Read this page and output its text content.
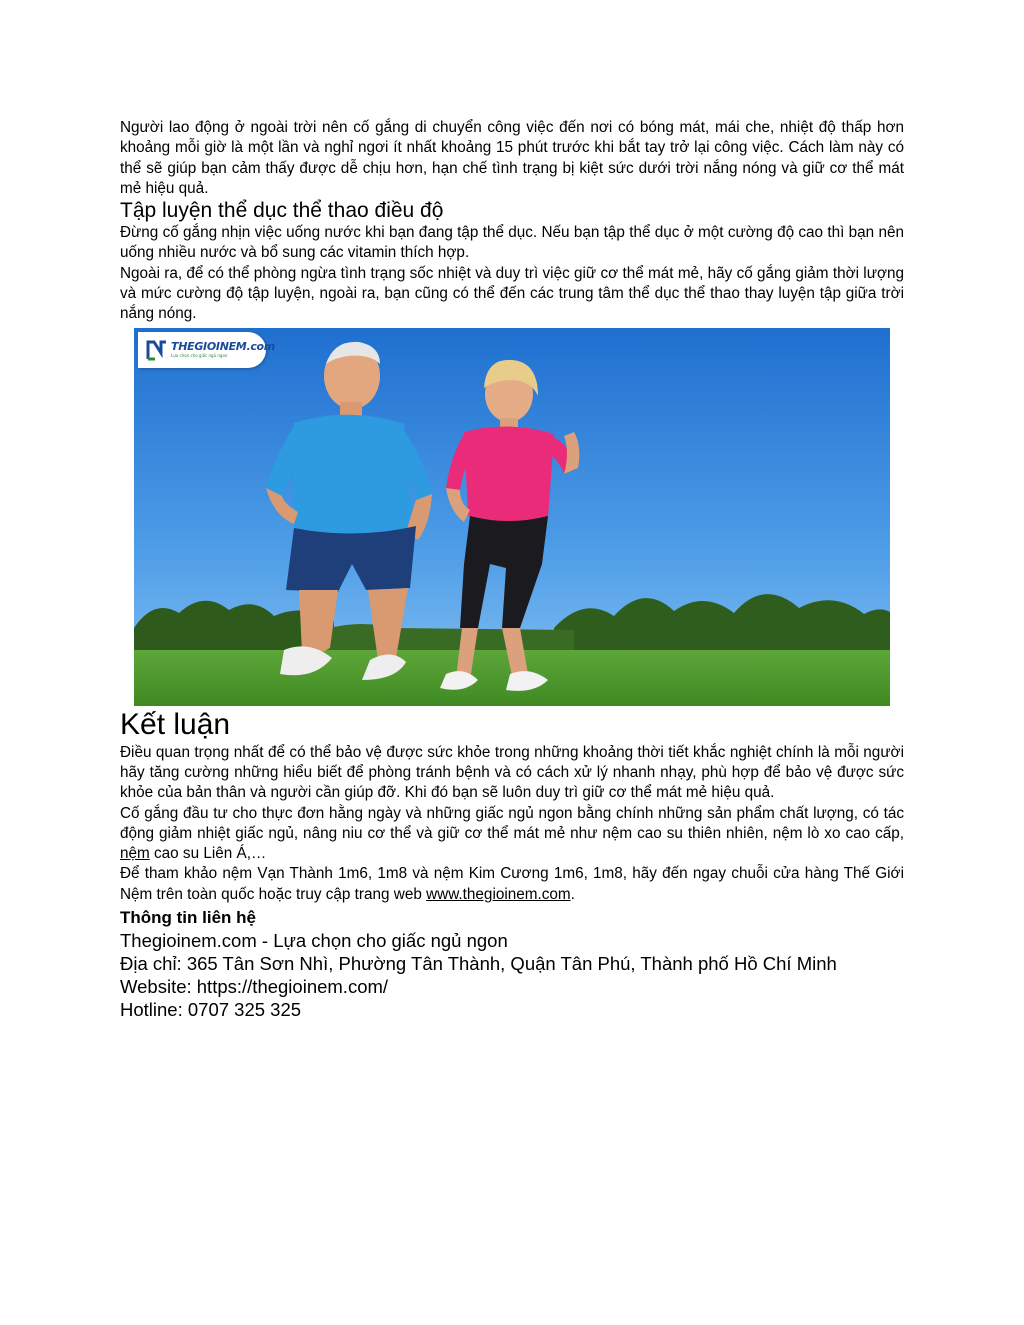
Người lao động ở ngoài trời nên cố gắng di chuyển công việc đến nơi có bóng mát, mái che, nhiệt độ thấp hơn khoảng mỗi giờ là một lần và nghỉ ngơi ít nhất khoảng 15 phút trước khi bắt tay trở lại công việc. Cách làm này có thể sẽ giúp bạn cảm thấy được dễ chịu hơn, hạn chế tình trạng bị kiệt sức dưới trời nắng nóng và giữ cơ thể mát mẻ hiệu quả.

Tập luyện thể dục thể thao điều độ

Đừng cố gắng nhịn việc uống nước khi bạn đang tập thể dục. Nếu bạn tập thể dục ở một cường độ cao thì bạn nên uống nhiều nước và bổ sung các vitamin thích hợp.

Ngoài ra, để có thể phòng ngừa tình trạng sốc nhiệt và duy trì việc giữ cơ thể mát mẻ, hãy cố gắng giảm thời lượng và mức cường độ tập luyện, ngoài ra, bạn cũng có thể đến các trung tâm thể dục thể thao thay luyện tập giữa trời nắng nóng.

THEGIOINEM.com
Lựa chọn cho giấc ngủ ngon

Kết luận

Điều quan trọng nhất để có thể bảo vệ được sức khỏe trong những khoảng thời tiết khắc nghiệt chính là mỗi người hãy tăng cường những hiểu biết để phòng tránh bệnh và có cách xử lý nhanh nhạy, phù hợp để bảo vệ được sức khỏe của bản thân và người cần giúp đỡ. Khi đó bạn sẽ luôn duy trì giữ cơ thể mát mẻ hiệu quả.

Cố gắng đầu tư cho thực đơn hằng ngày và những giấc ngủ ngon bằng chính những sản phẩm chất lượng, có tác động giảm nhiệt giấc ngủ, nâng niu cơ thể và giữ cơ thể mát mẻ như nệm cao su thiên nhiên, nệm lò xo cao cấp, nệm cao su Liên Á,…

Để tham khảo nệm Vạn Thành 1m6, 1m8 và nệm Kim Cương 1m6, 1m8, hãy đến ngay chuỗi cửa hàng Thế Giới Nệm trên toàn quốc hoặc truy cập trang web www.thegioinem.com.

Thông tin liên hệ

Thegioinem.com - Lựa chọn cho giấc ngủ ngon

Địa chỉ: 365 Tân Sơn Nhì, Phường Tân Thành, Quận Tân Phú, Thành phố Hồ Chí Minh

Website: https://thegioinem.com/

Hotline: 0707 325 325
